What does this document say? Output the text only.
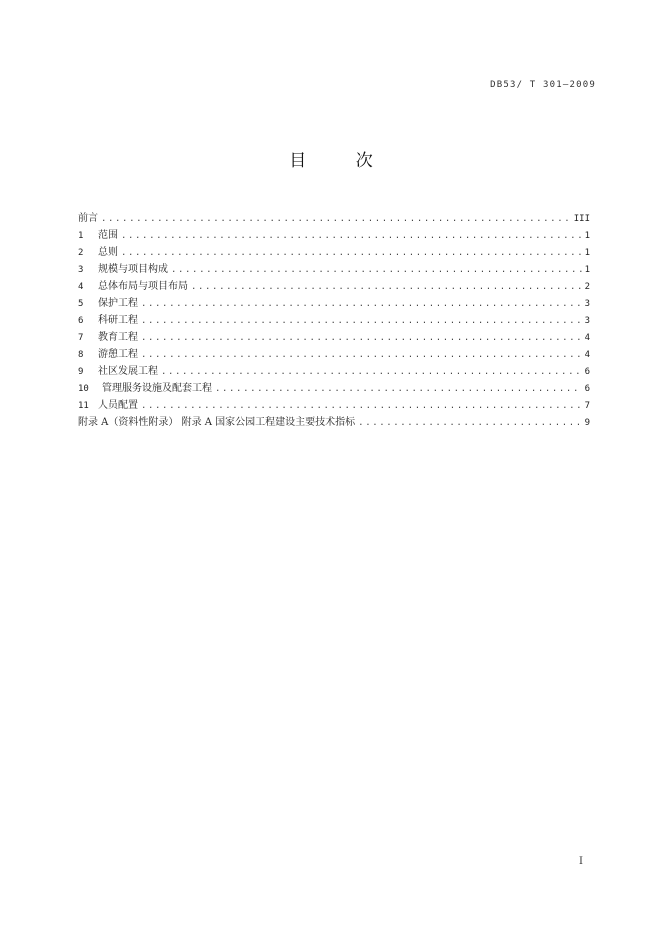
DB53/ T 301—2009
目 次
前言 .....	III
1	范围 .....	1
2	总则 .....	1
3	规模与项目构成 .....	1
4	总体布局与项目布局 .....	2
5	保护工程 .....	3
6	科研工程 .....	3
7	教育工程 .....	4
8	游憩工程 .....	4
9	社区发展工程 .....	6
10	管理服务设施及配套工程 .....	6
11 人员配置 .....	7
附录 A（资料性附录） 附录 A 国家公园工程建设主要技术指标 .....	9
I
